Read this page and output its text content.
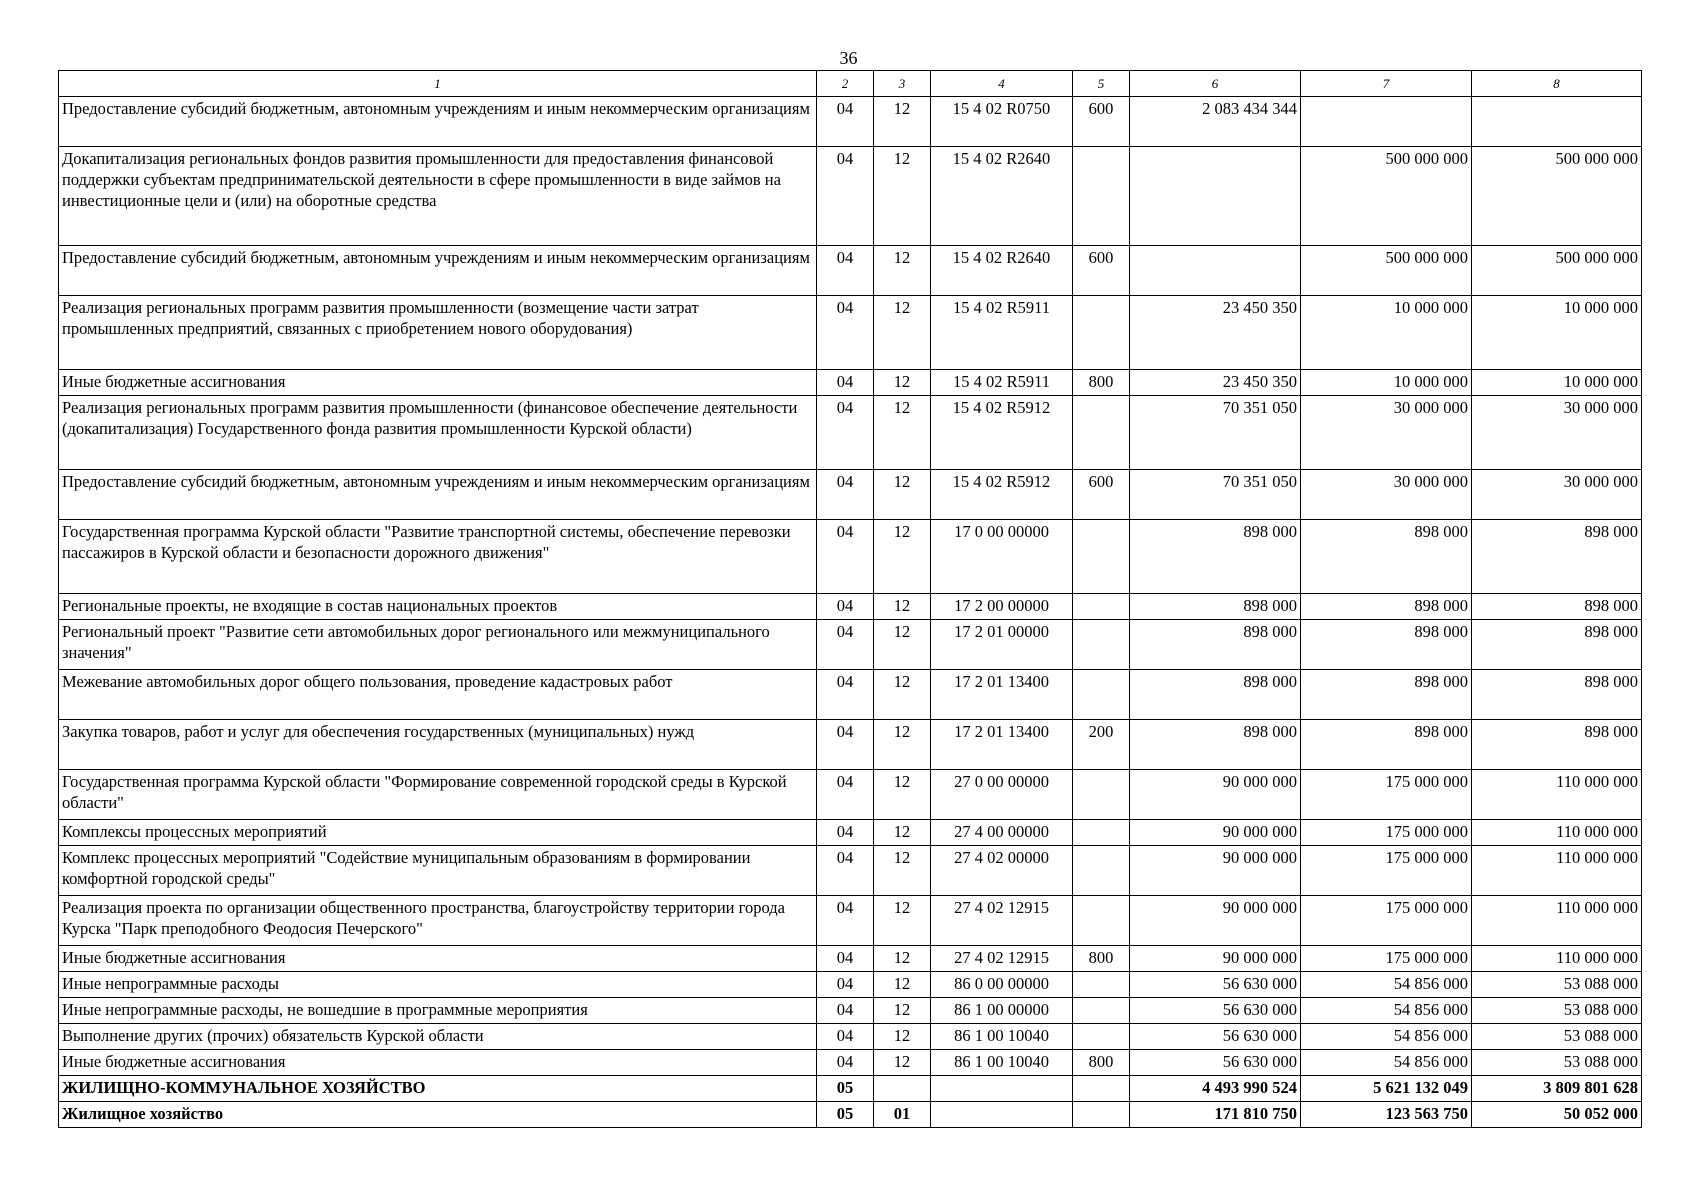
36
1	2	3	4	5	6	7	8
Предоставление субсидий бюджетным, автономным учреждениям и иным некоммерческим организациям	04	12	15 4 02 R0750	600	2 083 434 344		
Докапитализация региональных фондов развития промышленности для предоставления финансовой поддержки субъектам предпринимательской деятельности в сфере промышленности в виде займов на инвестиционные цели и (или) на оборотные средства	04	12	15 4 02 R2640			500 000 000	500 000 000
Предоставление субсидий бюджетным, автономным учреждениям и иным некоммерческим организациям	04	12	15 4 02 R2640	600		500 000 000	500 000 000
Реализация региональных программ развития промышленности (возмещение части затрат промышленных предприятий, связанных с приобретением нового оборудования)	04	12	15 4 02 R5911		23 450 350	10 000 000	10 000 000
Иные бюджетные ассигнования	04	12	15 4 02 R5911	800	23 450 350	10 000 000	10 000 000
Реализация региональных программ развития промышленности (финансовое обеспечение деятельности (докапитализация) Государственного фонда развития промышленности Курской области)	04	12	15 4 02 R5912		70 351 050	30 000 000	30 000 000
Предоставление субсидий бюджетным, автономным учреждениям и иным некоммерческим организациям	04	12	15 4 02 R5912	600	70 351 050	30 000 000	30 000 000
Государственная программа Курской области "Развитие транспортной системы, обеспечение перевозки пассажиров в Курской области и безопасности дорожного движения"	04	12	17 0 00 00000		898 000	898 000	898 000
Региональные проекты, не входящие в состав национальных проектов	04	12	17 2 00 00000		898 000	898 000	898 000
Региональный проект "Развитие сети автомобильных дорог регионального или межмуниципального значения"	04	12	17 2 01 00000		898 000	898 000	898 000
Межевание автомобильных дорог общего пользования, проведение кадастровых работ	04	12	17 2 01 13400		898 000	898 000	898 000
Закупка товаров, работ и услуг для обеспечения государственных (муниципальных) нужд	04	12	17 2 01 13400	200	898 000	898 000	898 000
Государственная программа Курской области "Формирование современной городской среды в Курской области"	04	12	27 0 00 00000		90 000 000	175 000 000	110 000 000
Комплексы процессных мероприятий	04	12	27 4 00 00000		90 000 000	175 000 000	110 000 000
Комплекс процессных мероприятий "Содействие муниципальным образованиям в формировании комфортной городской среды"	04	12	27 4 02 00000		90 000 000	175 000 000	110 000 000
Реализация проекта по организации общественного пространства, благоустройству территории города Курска "Парк преподобного Феодосия Печерского"	04	12	27 4 02 12915		90 000 000	175 000 000	110 000 000
Иные бюджетные ассигнования	04	12	27 4 02 12915	800	90 000 000	175 000 000	110 000 000
Иные непрограммные расходы	04	12	86 0 00 00000		56 630 000	54 856 000	53 088 000
Иные непрограммные расходы, не вошедшие в программные мероприятия	04	12	86 1 00 00000		56 630 000	54 856 000	53 088 000
Выполнение других (прочих) обязательств Курской области	04	12	86 1 00 10040		56 630 000	54 856 000	53 088 000
Иные бюджетные ассигнования	04	12	86 1 00 10040	800	56 630 000	54 856 000	53 088 000
ЖИЛИЩНО-КОММУНАЛЬНОЕ ХОЗЯЙСТВО	05				4 493 990 524	5 621 132 049	3 809 801 628
Жилищное хозяйство	05	01			171 810 750	123 563 750	50 052 000
